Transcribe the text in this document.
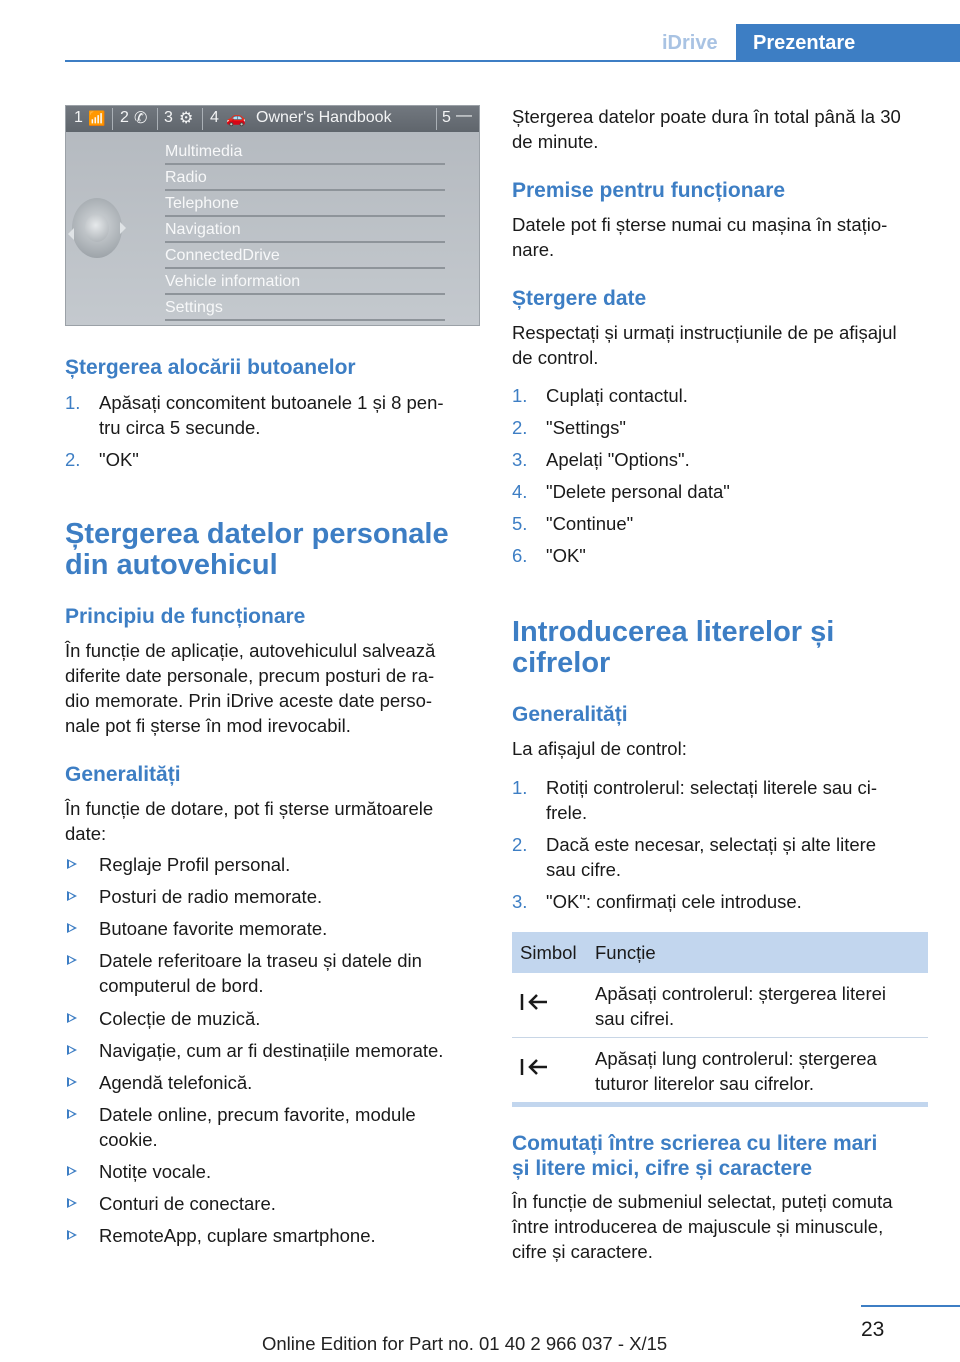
iDrive	Prezentare
1 📶 2 ✆ 3 ⚙ 4 🚗 Owner's Handbook	5 —
Multimedia
Radio
Telephone
Navigation
ConnectedDrive
Vehicle information
Settings
Ștergerea alocării butoanelor
1. Apăsați concomitent butoanele 1 și 8 pen-
tru circa 5 secunde.
2. "OK"
Ștergerea datelor personale
din autovehicul
Principiu de funcționare

În funcție de aplicație, autovehiculul salvează
diferite date personale, precum posturi de ra-
dio memorate. Prin iDrive aceste date perso-
nale pot fi șterse în mod irevocabil.

Generalități

În funcție de dotare, pot fi șterse următoarele
date:

Reglaje Profil personal.
Posturi de radio memorate.
Butoane favorite memorate.
Datele referitoare la traseu și datele din
computerul de bord.
Colecție de muzică.
Navigație, cum ar fi destinațiile memorate.
Agendă telefonică.
Datele online, precum favorite, module
cookie.
Notițe vocale.
Conturi de conectare.
RemoteApp, cuplare smartphone.

Ștergerea datelor poate dura în total până la 30
de minute.

Premise pentru funcționare

Datele pot fi șterse numai cu mașina în stațio-
nare.

Ștergere date

Respectați și urmați instrucțiunile de pe afișajul
de control.

1. Cuplați contactul.
2. "Settings"
3. Apelați "Options".
4. "Delete personal data"
5. "Continue"
6. "OK"
Introducerea literelor și
cifrelor
Generalități

La afișajul de control:

1. Rotiți controlerul: selectați literele sau ci-
frele.
2. Dacă este necesar, selectați și alte litere
sau cifre.
3. "OK": confirmați cele introduse.
Simbol Funcție
Apăsați controlerul: ștergerea literei
sau cifrei.
Apăsați lung controlerul: ștergerea
tuturor literelor sau cifrelor.
Comutați între scrierea cu litere mari
și litere mici, cifre și caractere

În funcție de submeniul selectat, puteți comuta
între introducerea de majuscule și minuscule,
cifre și caractere.

23
Online Edition for Part no. 01 40 2 966 037 - X/15
